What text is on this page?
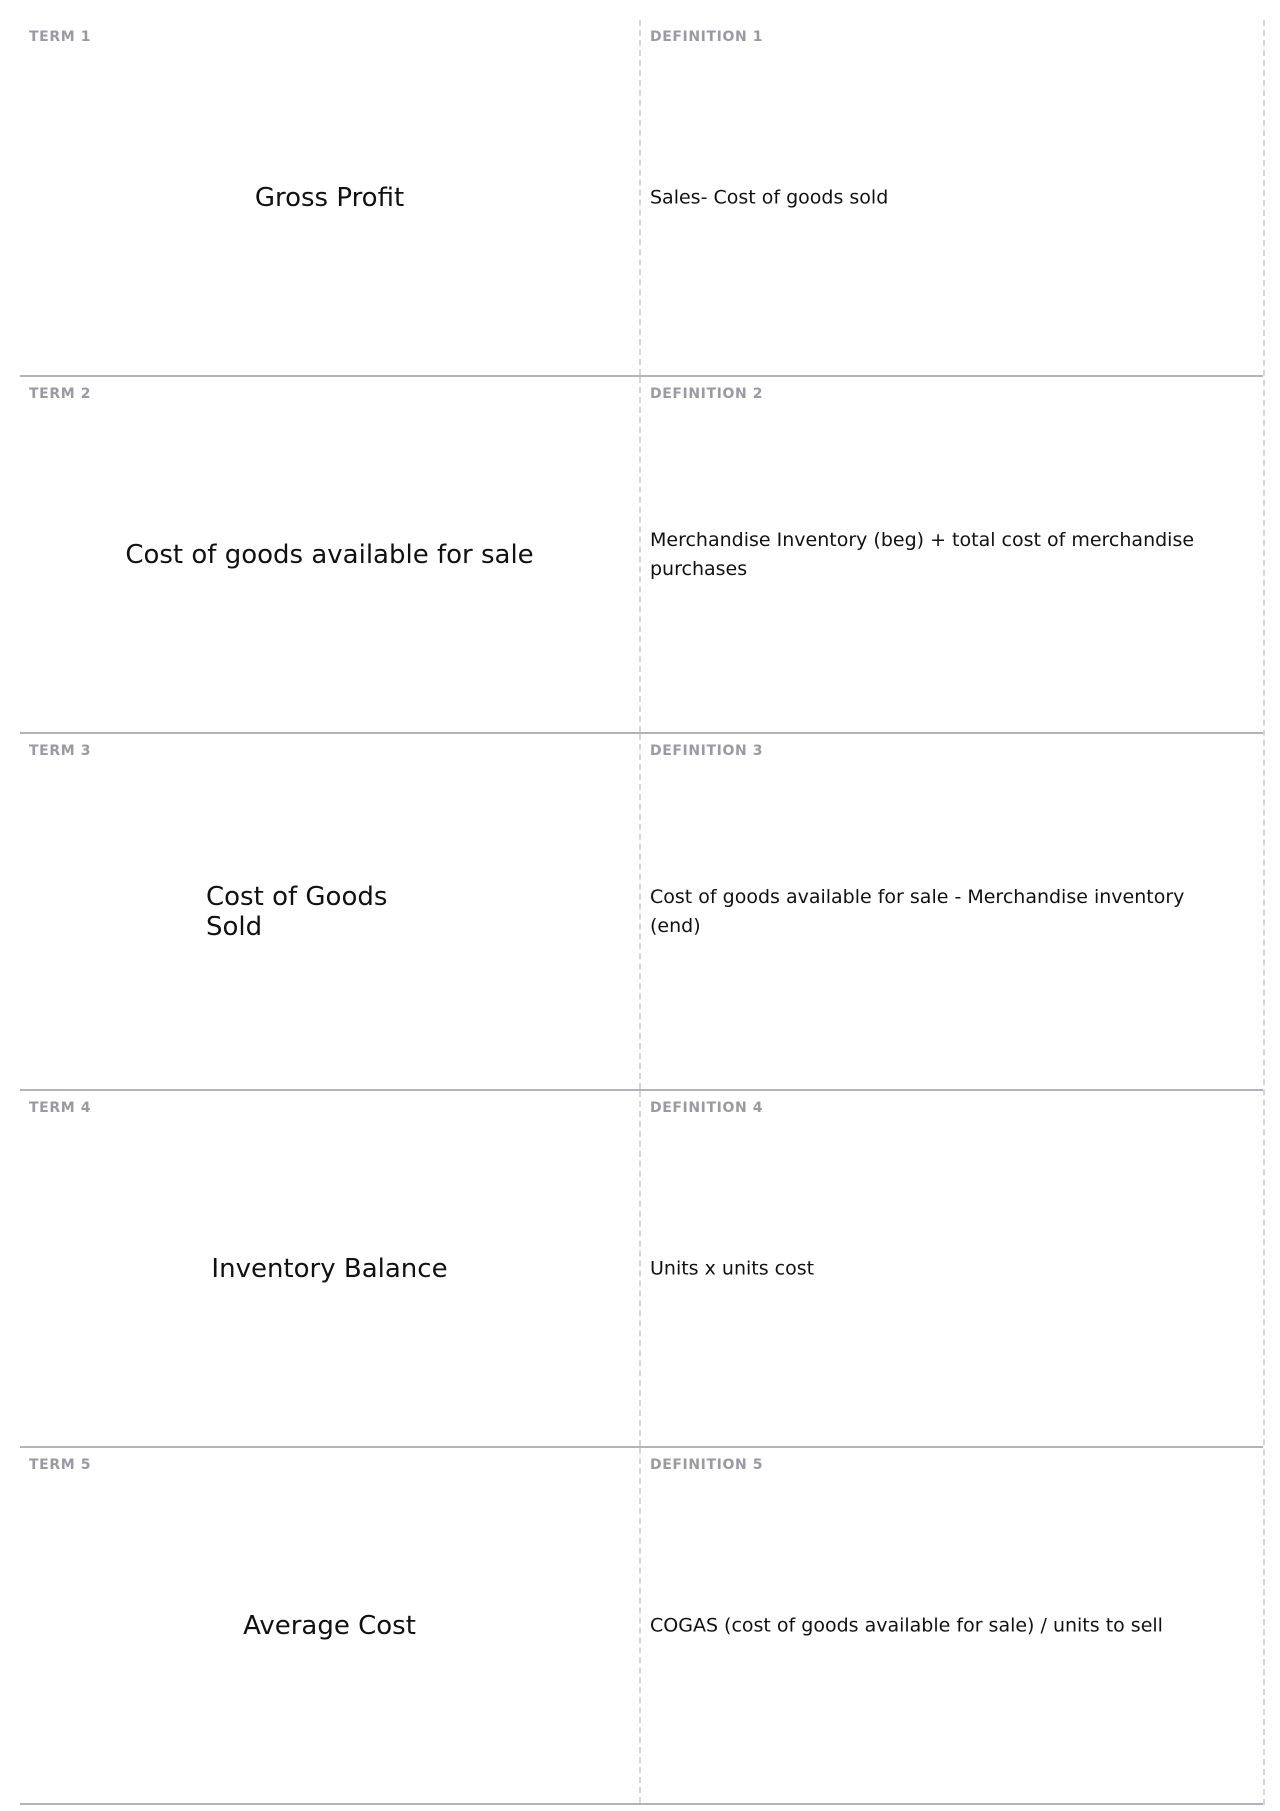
TERM 1
Gross Profit
DEFINITION 1
Sales- Cost of goods sold
TERM 2
Cost of goods available for sale
DEFINITION 2
Merchandise Inventory (beg) + total cost of merchandise purchases
TERM 3
Cost of Goods Sold
DEFINITION 3
Cost of goods available for sale - Merchandise inventory (end)
TERM 4
Inventory Balance
DEFINITION 4
Units x units cost
TERM 5
Average Cost
DEFINITION 5
COGAS (cost of goods available for sale) / units to sell
